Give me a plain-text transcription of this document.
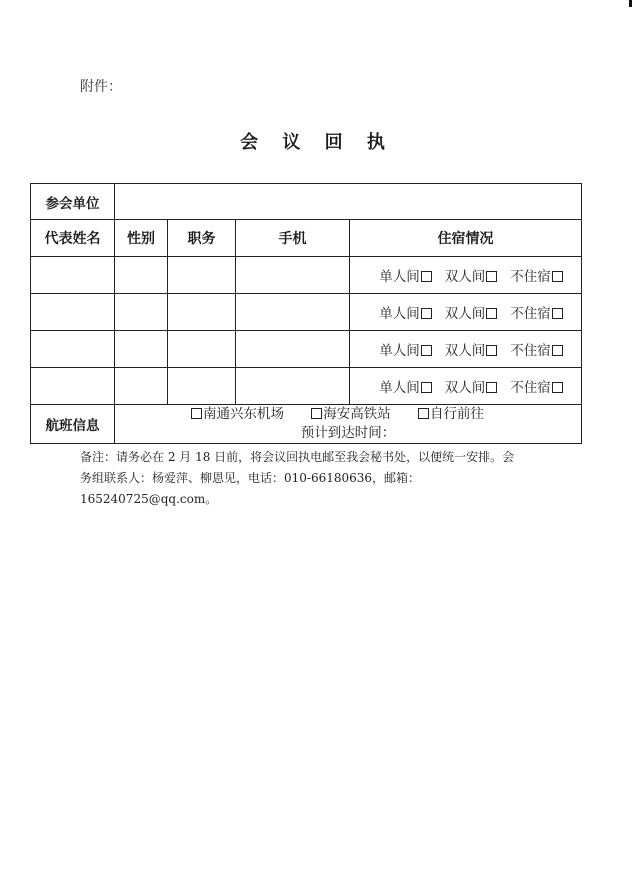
附件：
会 议 回 执
参会单位				
代表姓名	性别	职务	手机	住宿情况
				单人间 双人间 不住宿
				单人间 双人间 不住宿
				单人间 双人间 不住宿
				单人间 双人间 不住宿
航班信息	南通兴东机场 海安高铁站 自行前往
预计到达时间：			
备注：请务必在 2 月 18 日前，将会议回执电邮至我会秘书处，以便统一安排。会
务组联系人：杨爱萍、柳恩见，电话：010-66180636，邮箱：165240725@qq.com。
